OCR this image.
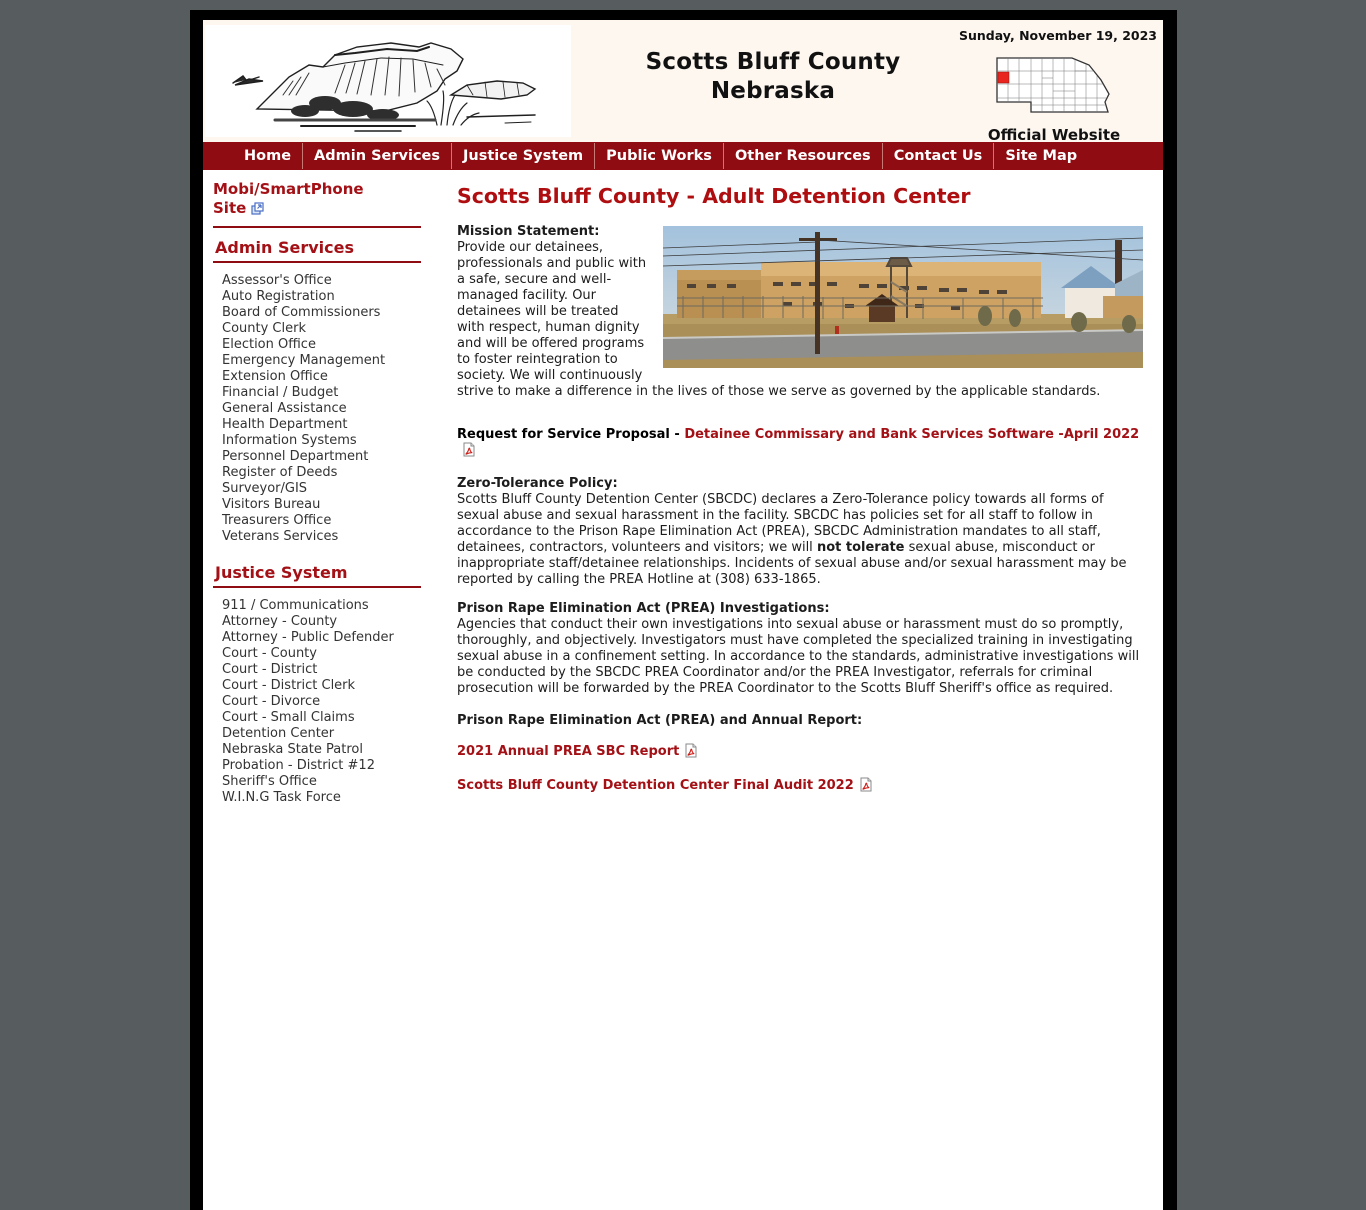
Scotts Bluff County
Nebraska
Sunday, November 19, 2023
Official Website
Home	Admin Services	Justice System	Public Works	Other Resources	Contact Us	Site Map
Mobi/SmartPhone Site
Admin Services
Assessor's Office
Auto Registration
Board of Commissioners
County Clerk
Election Office
Emergency Management
Extension Office
Financial / Budget
General Assistance
Health Department
Information Systems
Personnel Department
Register of Deeds
Surveyor/GIS
Visitors Bureau
Treasurers Office
Veterans Services
Justice System
911 / Communications
Attorney - County
Attorney - Public Defender
Court - County
Court - District
Court - District Clerk
Court - Divorce
Court - Small Claims
Detention Center
Nebraska State Patrol
Probation - District #12
Sheriff's Office
W.I.N.G Task Force
Scotts Bluff County - Adult Detention Center
Mission Statement: Provide our detainees, professionals and public with a safe, secure and well-managed facility. Our detainees will be treated with respect, human dignity and will be offered programs to foster reintegration to society. We will continuously strive to make a difference in the lives of those we serve as governed by the applicable standards.
Request for Service Proposal - Detainee Commissary and Bank Services Software -April 2022

Zero-Tolerance Policy:

Scotts Bluff County Detention Center (SBCDC) declares a Zero-Tolerance policy towards all forms of sexual abuse and sexual harassment in the facility. SBCDC has policies set for all staff to follow in accordance to the Prison Rape Elimination Act (PREA), SBCDC Administration mandates to all staff, detainees, contractors, volunteers and visitors; we will not tolerate sexual abuse, misconduct or inappropriate staff/detainee relationships. Incidents of sexual abuse and/or sexual harassment may be reported by calling the PREA Hotline at (308) 633-1865.

Prison Rape Elimination Act (PREA) Investigations:

Agencies that conduct their own investigations into sexual abuse or harassment must do so promptly, thoroughly, and objectively. Investigators must have completed the specialized training in investigating sexual abuse in a confinement setting. In accordance to the standards, administrative investigations will be conducted by the SBCDC PREA Coordinator and/or the PREA Investigator, referrals for criminal prosecution will be forwarded by the PREA Coordinator to the Scotts Bluff Sheriff's office as required.

Prison Rape Elimination Act (PREA) and Annual Report:

2021 Annual PREA SBC Report
Scotts Bluff County Detention Center Final Audit 2022
